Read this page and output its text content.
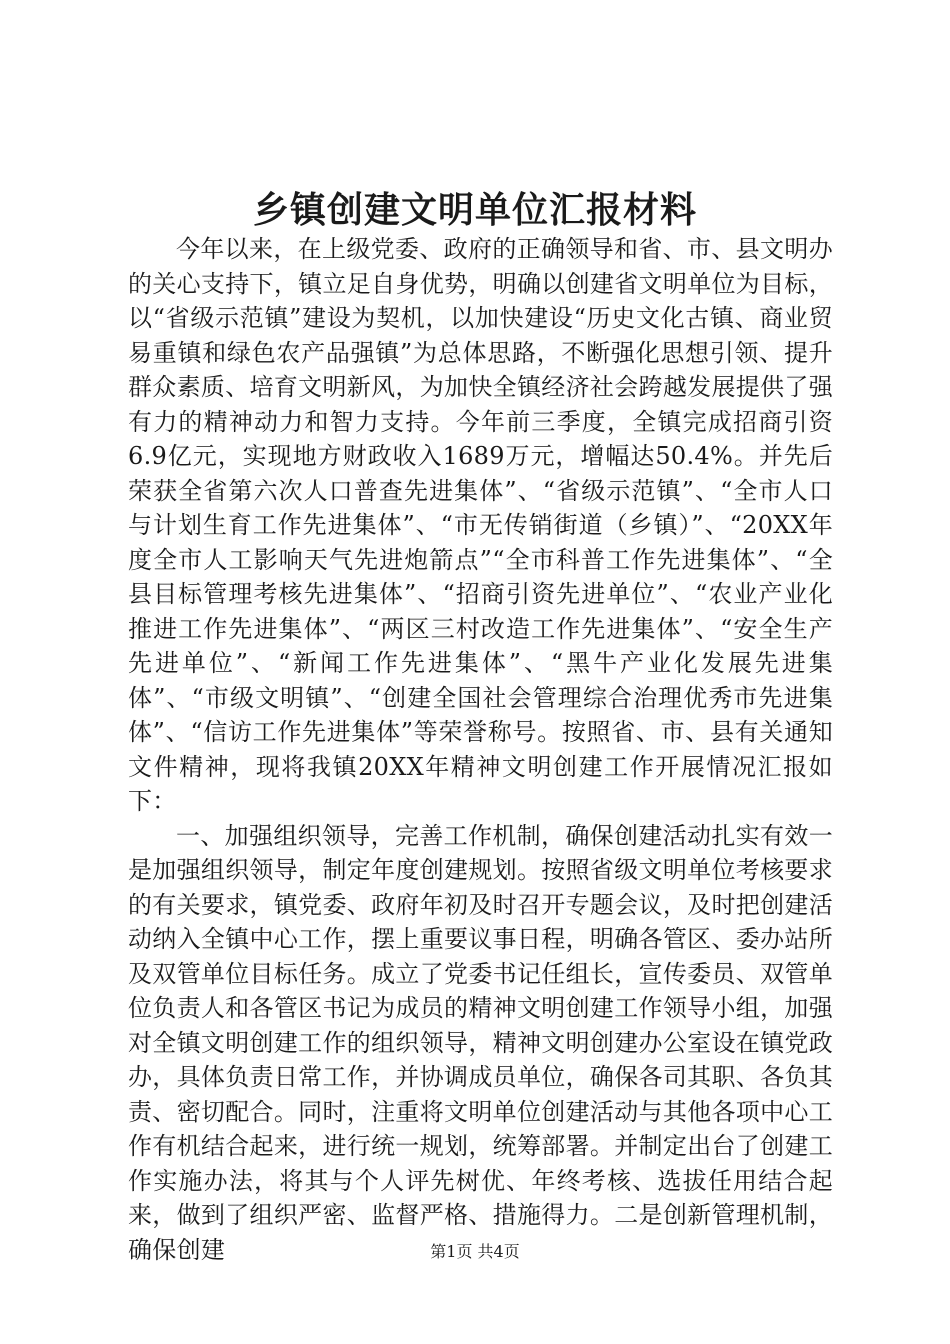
乡镇创建文明单位汇报材料

今年以来，在上级党委、政府的正确领导和省、市、县文明办的关心支持下，镇立足自身优势，明确以创建省文明单位为目标，以“省级示范镇”建设为契机，以加快建设“历史文化古镇、商业贸易重镇和绿色农产品强镇”为总体思路，不断强化思想引领、提升群众素质、培育文明新风，为加快全镇经济社会跨越发展提供了强有力的精神动力和智力支持。今年前三季度，全镇完成招商引资6.9亿元，实现地方财政收入1689万元，增幅达50.4%。并先后荣获全省第六次人口普查先进集体”、“省级示范镇”、“全市人口与计划生育工作先进集体”、“市无传销街道（乡镇）”、“20XX年度全市人工影响天气先进炮箭点”“全市科普工作先进集体”、“全县目标管理考核先进集体”、“招商引资先进单位”、“农业产业化推进工作先进集体”、“两区三村改造工作先进集体”、“安全生产先进单位”、“新闻工作先进集体”、“黑牛产业化发展先进集体”、“市级文明镇”、“创建全国社会管理综合治理优秀市先进集体”、“信访工作先进集体”等荣誉称号。按照省、市、县有关通知文件精神，现将我镇20XX年精神文明创建工作开展情况汇报如下：

一、加强组织领导，完善工作机制，确保创建活动扎实有效一是加强组织领导，制定年度创建规划。按照省级文明单位考核要求的有关要求，镇党委、政府年初及时召开专题会议，及时把创建活动纳入全镇中心工作，摆上重要议事日程，明确各管区、委办站所及双管单位目标任务。成立了党委书记任组长，宣传委员、双管单位负责人和各管区书记为成员的精神文明创建工作领导小组，加强对全镇文明创建工作的组织领导，精神文明创建办公室设在镇党政办，具体负责日常工作，并协调成员单位，确保各司其职、各负其责、密切配合。同时，注重将文明单位创建活动与其他各项中心工作有机结合起来，进行统一规划，统筹部署。并制定出台了创建工作实施办法，将其与个人评先树优、年终考核、选拔任用结合起来，做到了组织严密、监督严格、措施得力。二是创新管理机制，确保创建	第1页 共4页
